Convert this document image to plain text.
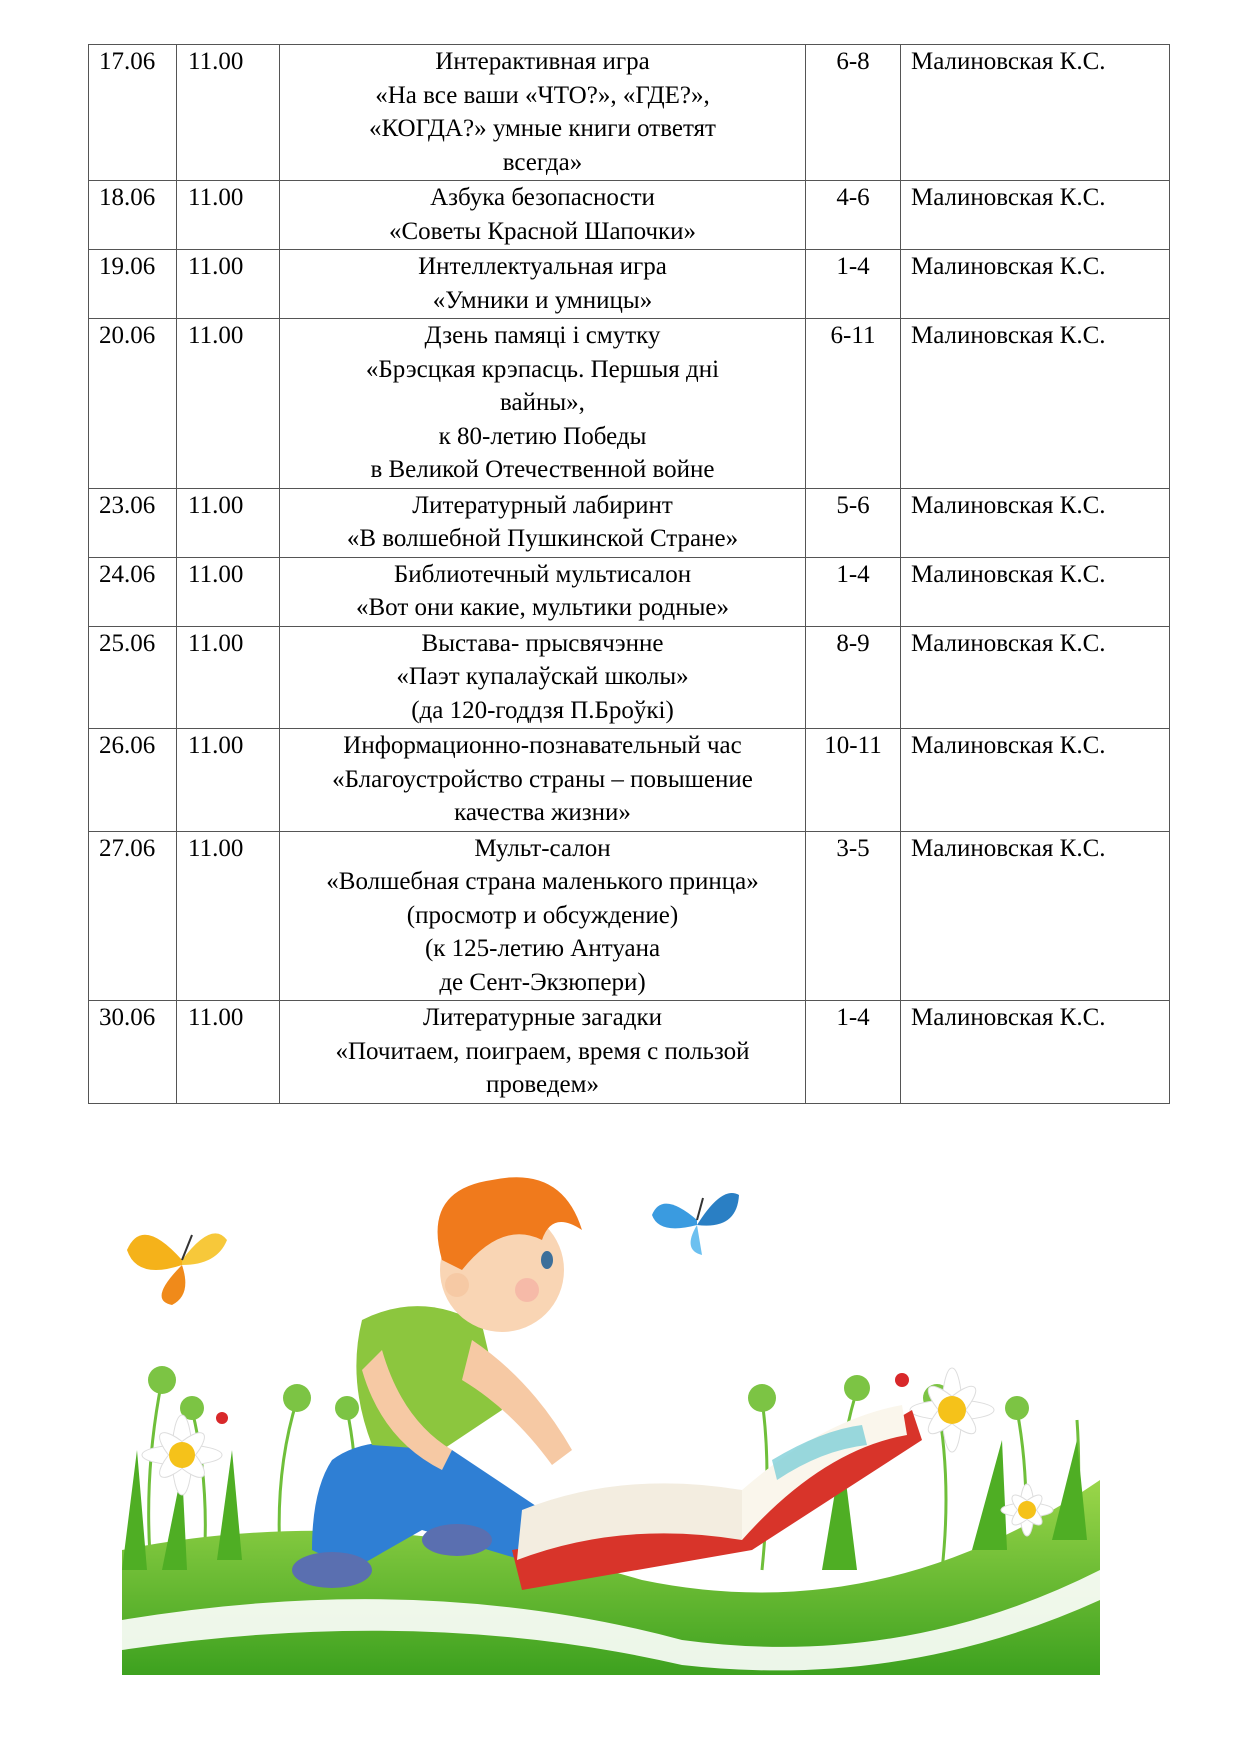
17.06	11.00	Интерактивная игра
«На все ваши «ЧТО?», «ГДЕ?»,
«КОГДА?» умные книги ответят
всегда»	6-8	Малиновская К.С.
18.06	11.00	Азбука безопасности
«Советы Красной Шапочки»	4-6	Малиновская К.С.
19.06	11.00	Интеллектуальная игра
«Умники и умницы»	1-4	Малиновская К.С.
20.06	11.00	Дзень памяці і смутку
«Брэсцкая крэпасць. Першыя дні
вайны»,
к 80-летию Победы
в Великой Отечественной войне	6-11	Малиновская К.С.
23.06	11.00	Литературный лабиринт
«В волшебной Пушкинской Стране»	5-6	Малиновская К.С.
24.06	11.00	Библиотечный мультисалон
«Вот они какие, мультики родные»	1-4	Малиновская К.С.
25.06	11.00	Выстава- прысвячэнне
«Паэт купалаўскай школы»
(да 120-годдзя П.Броўкі)	8-9	Малиновская К.С.
26.06	11.00	Информационно-познавательный час
«Благоустройство страны – повышение
качества жизни»	10-11	Малиновская К.С.
27.06	11.00	Мульт-салон
«Волшебная страна маленького принца»
(просмотр и обсуждение)
(к 125-летию Антуана
де Сент-Экзюпери)	3-5	Малиновская К.С.
30.06	11.00	Литературные загадки
«Почитаем, поиграем, время с пользой
проведем»	1-4	Малиновская К.С.
